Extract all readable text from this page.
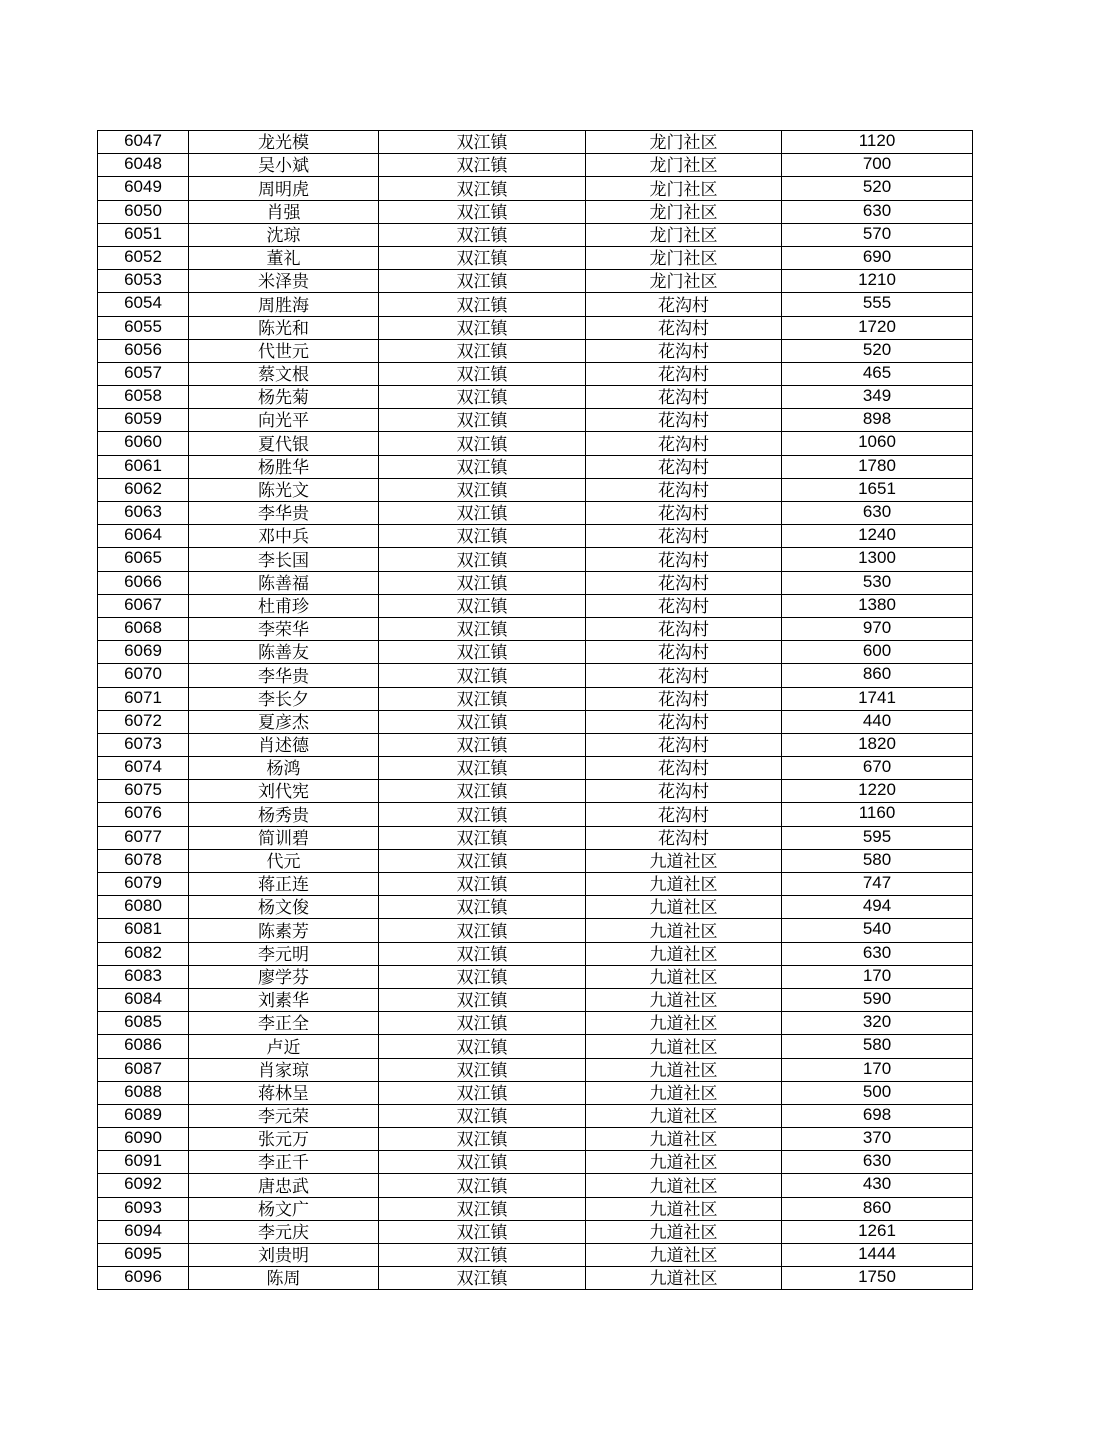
6047	龙光模	双江镇	龙门社区	1120
6048	吴小斌	双江镇	龙门社区	700
6049	周明虎	双江镇	龙门社区	520
6050	肖强	双江镇	龙门社区	630
6051	沈琼	双江镇	龙门社区	570
6052	董礼	双江镇	龙门社区	690
6053	米泽贵	双江镇	龙门社区	1210
6054	周胜海	双江镇	花沟村	555
6055	陈光和	双江镇	花沟村	1720
6056	代世元	双江镇	花沟村	520
6057	蔡文根	双江镇	花沟村	465
6058	杨先菊	双江镇	花沟村	349
6059	向光平	双江镇	花沟村	898
6060	夏代银	双江镇	花沟村	1060
6061	杨胜华	双江镇	花沟村	1780
6062	陈光文	双江镇	花沟村	1651
6063	李华贵	双江镇	花沟村	630
6064	邓中兵	双江镇	花沟村	1240
6065	李长国	双江镇	花沟村	1300
6066	陈善福	双江镇	花沟村	530
6067	杜甫珍	双江镇	花沟村	1380
6068	李荣华	双江镇	花沟村	970
6069	陈善友	双江镇	花沟村	600
6070	李华贵	双江镇	花沟村	860
6071	李长夕	双江镇	花沟村	1741
6072	夏彦杰	双江镇	花沟村	440
6073	肖述德	双江镇	花沟村	1820
6074	杨鸿	双江镇	花沟村	670
6075	刘代宪	双江镇	花沟村	1220
6076	杨秀贵	双江镇	花沟村	1160
6077	简训碧	双江镇	花沟村	595
6078	代元	双江镇	九道社区	580
6079	蒋正连	双江镇	九道社区	747
6080	杨文俊	双江镇	九道社区	494
6081	陈素芳	双江镇	九道社区	540
6082	李元明	双江镇	九道社区	630
6083	廖学芬	双江镇	九道社区	170
6084	刘素华	双江镇	九道社区	590
6085	李正全	双江镇	九道社区	320
6086	卢近	双江镇	九道社区	580
6087	肖家琼	双江镇	九道社区	170
6088	蒋林呈	双江镇	九道社区	500
6089	李元荣	双江镇	九道社区	698
6090	张元万	双江镇	九道社区	370
6091	李正千	双江镇	九道社区	630
6092	唐忠武	双江镇	九道社区	430
6093	杨文广	双江镇	九道社区	860
6094	李元庆	双江镇	九道社区	1261
6095	刘贵明	双江镇	九道社区	1444
6096	陈周	双江镇	九道社区	1750
